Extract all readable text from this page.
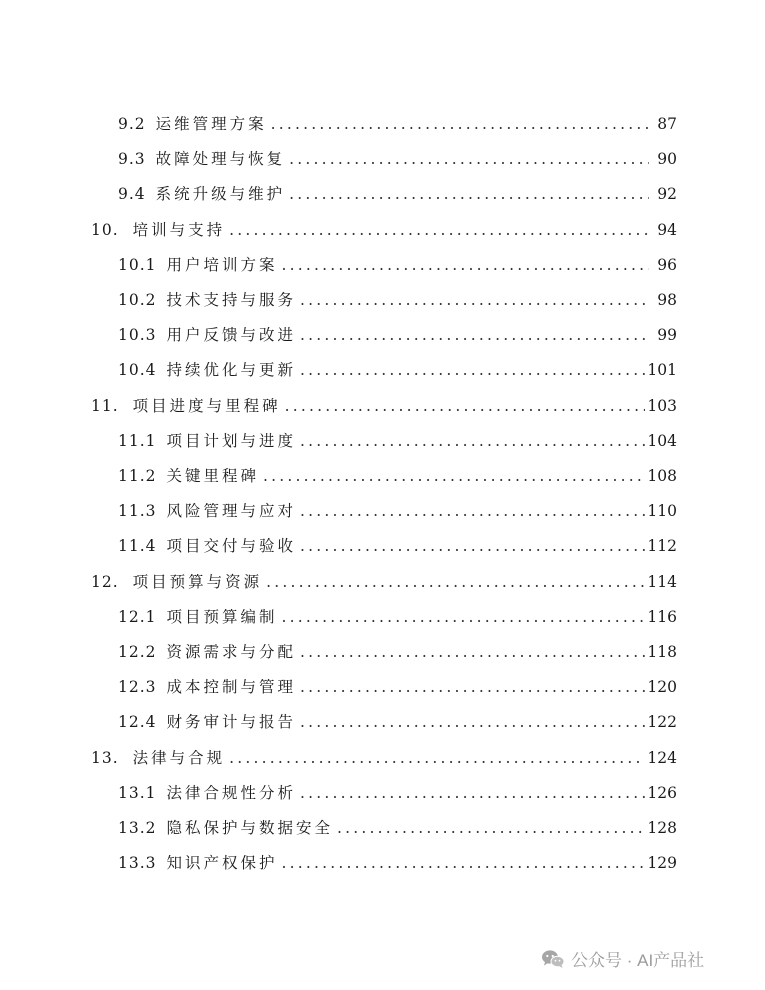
9.2 运维管理方案 .....	87
9.3 故障处理与恢复 .....	90
9.4 系统升级与维护 .....	92
10. 培训与支持 .....	94
10.1 用户培训方案 .....	96
10.2 技术支持与服务 .....	98
10.3 用户反馈与改进 .....	99
10.4 持续优化与更新 .....	101
11. 项目进度与里程碑 .....	103
11.1 项目计划与进度 .....	104
11.2 关键里程碑 .....	108
11.3 风险管理与应对 .....	110
11.4 项目交付与验收 .....	112
12. 项目预算与资源 .....	114
12.1 项目预算编制 .....	116
12.2 资源需求与分配 .....	118
12.3 成本控制与管理 .....	120
12.4 财务审计与报告 .....	122
13. 法律与合规 .....	124
13.1 法律合规性分析 .....	126
13.2 隐私保护与数据安全 .....	128
13.3 知识产权保护 .....	129
公众号 · AI产品社
